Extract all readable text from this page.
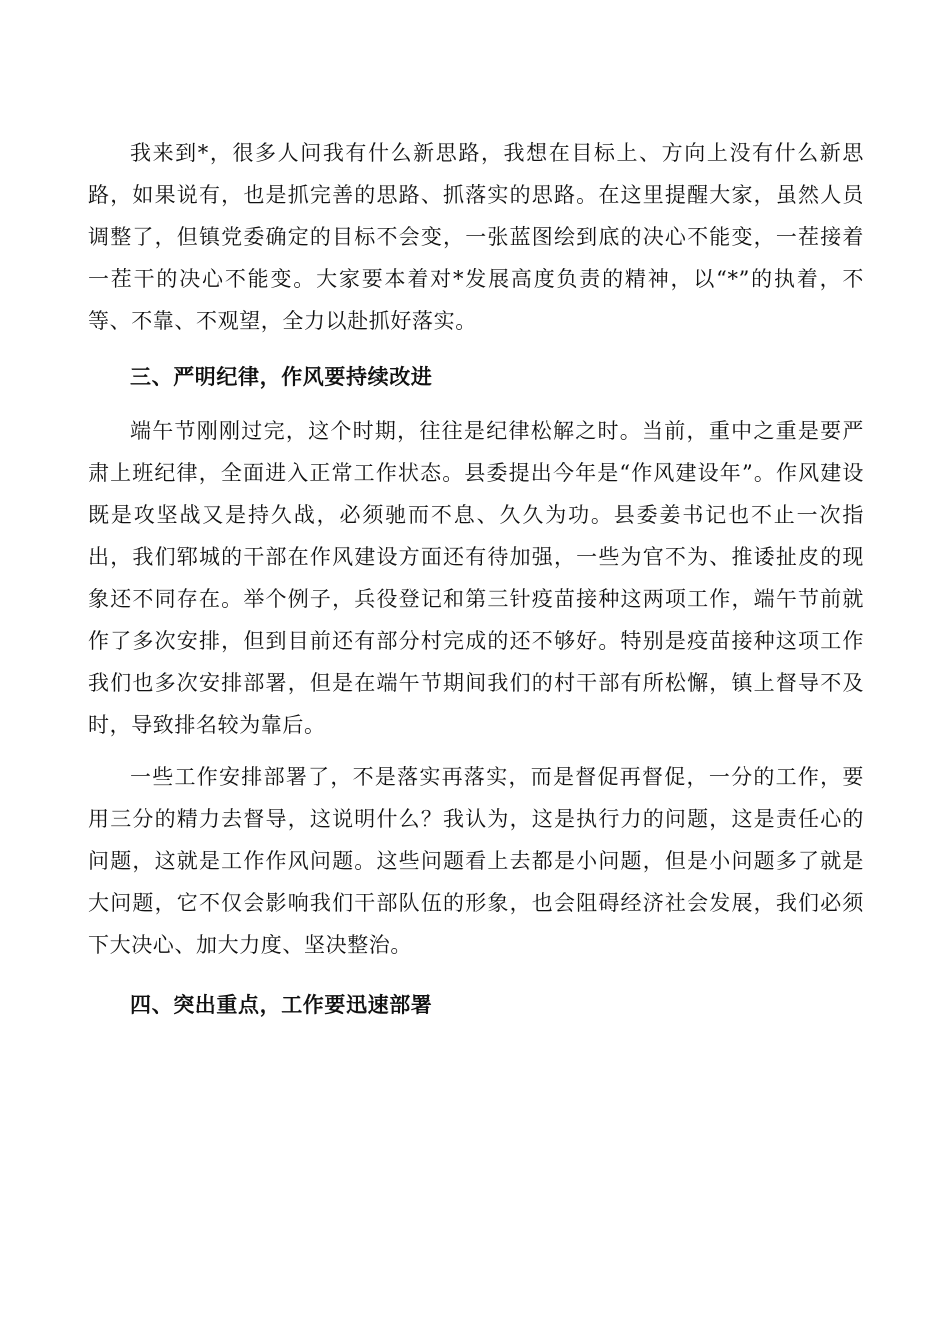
我来到*，很多人问我有什么新思路，我想在目标上、方向上没有什么新思路，如果说有，也是抓完善的思路、抓落实的思路。在这里提醒大家，虽然人员调整了，但镇党委确定的目标不会变，一张蓝图绘到底的决心不能变，一茬接着一茬干的决心不能变。大家要本着对*发展高度负责的精神，以“*”的执着，不等、不靠、不观望，全力以赴抓好落实。

三、严明纪律，作风要持续改进

端午节刚刚过完，这个时期，往往是纪律松解之时。当前，重中之重是要严肃上班纪律，全面进入正常工作状态。县委提出今年是“作风建设年”。作风建设既是攻坚战又是持久战，必须驰而不息、久久为功。县委姜书记也不止一次指出，我们郓城的干部在作风建设方面还有待加强，一些为官不为、推诿扯皮的现象还不同存在。举个例子，兵役登记和第三针疫苗接种这两项工作，端午节前就作了多次安排，但到目前还有部分村完成的还不够好。特别是疫苗接种这项工作我们也多次安排部署，但是在端午节期间我们的村干部有所松懈，镇上督导不及时，导致排名较为靠后。

一些工作安排部署了，不是落实再落实，而是督促再督促，一分的工作，要用三分的精力去督导，这说明什么？我认为，这是执行力的问题，这是责任心的问题，这就是工作作风问题。这些问题看上去都是小问题，但是小问题多了就是大问题，它不仅会影响我们干部队伍的形象，也会阻碍经济社会发展，我们必须下大决心、加大力度、坚决整治。

四、突出重点，工作要迅速部署
